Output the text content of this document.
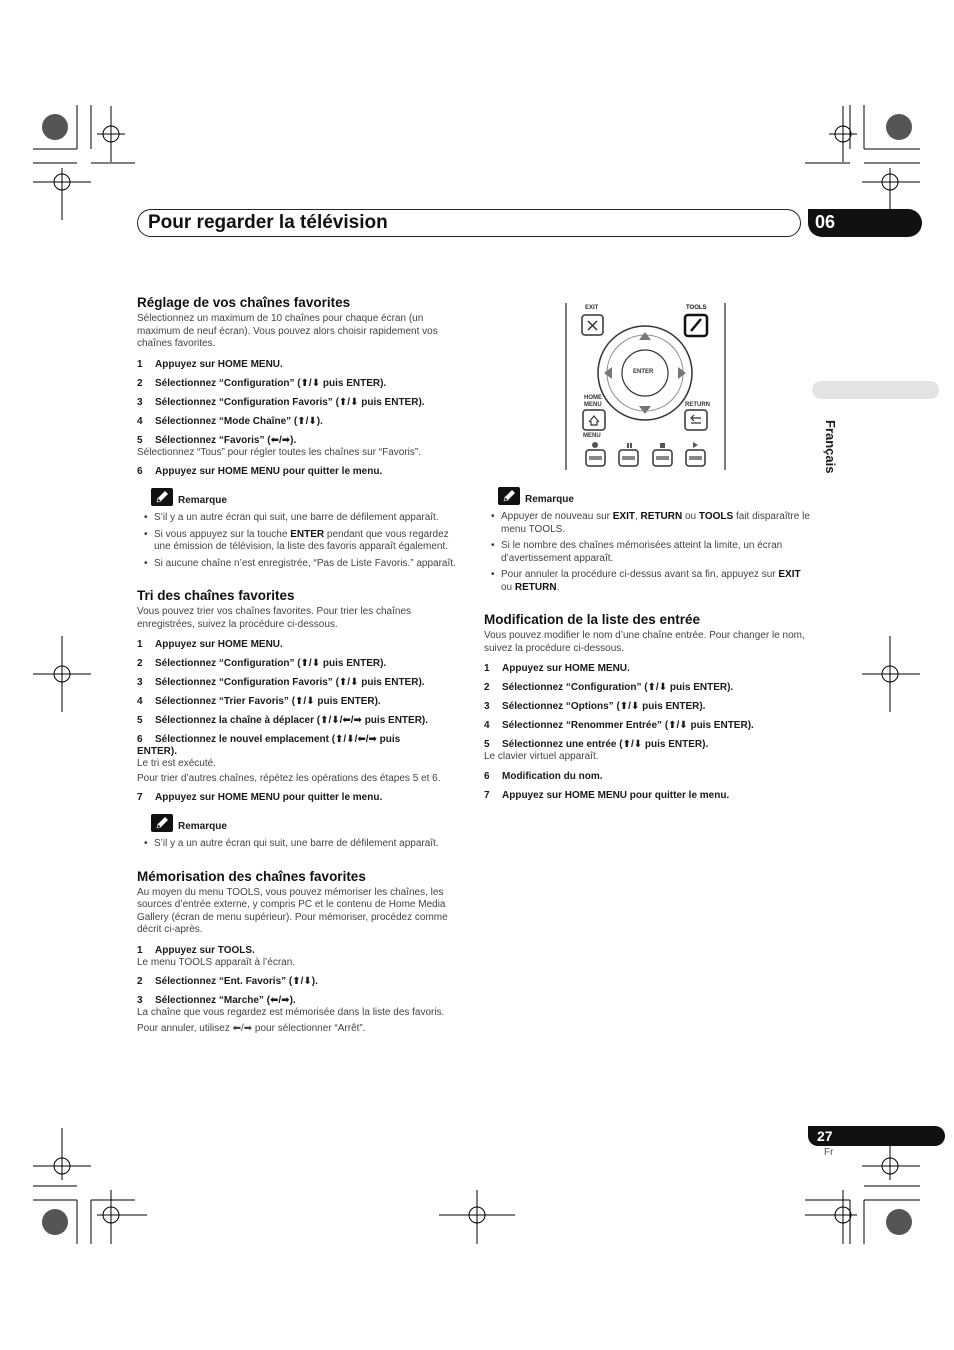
Pour regarder la télévision	06
Français
Réglage de vos chaînes favorites

Sélectionnez un maximum de 10 chaînes pour chaque écran (un maximum de neuf écran). Vous pouvez alors choisir rapidement vos chaînes favorites.

1	Appuyez sur HOME MENU.
2	Sélectionnez “Configuration” (⬆/⬇ puis ENTER).
3	Sélectionnez “Configuration Favoris” (⬆/⬇ puis ENTER).
4	Sélectionnez “Mode Chaîne” (⬆/⬇).
5	Sélectionnez “Favoris” (⬅/➡).
Sélectionnez “Tous” pour régler toutes les chaînes sur “Favoris”.
6	Appuyez sur HOME MENU pour quitter le menu.
Remarque
• S’il y a un autre écran qui suit, une barre de défilement apparaît.
• Si vous appuyez sur la touche ENTER pendant que vous regardez une émission de télévision, la liste des favoris apparaît également.
• Si aucune chaîne n’est enregistrée, “Pas de Liste Favoris.” apparaît.
Tri des chaînes favorites

Vous pouvez trier vos chaînes favorites. Pour trier les chaînes enregistrées, suivez la procédure ci-dessous.

1	Appuyez sur HOME MENU.
2	Sélectionnez “Configuration” (⬆/⬇ puis ENTER).
3	Sélectionnez “Configuration Favoris” (⬆/⬇ puis ENTER).
4	Sélectionnez “Trier Favoris” (⬆/⬇ puis ENTER).
5	Sélectionnez la chaîne à déplacer (⬆/⬇/⬅/➡ puis ENTER).
6 Sélectionnez le nouvel emplacement (⬆/⬇/⬅/➡ puis
ENTER).
Le tri est exécuté.
Pour trier d’autres chaînes, répétez les opérations des étapes 5 et 6.
7	Appuyez sur HOME MENU pour quitter le menu.
Remarque
• S’il y a un autre écran qui suit, une barre de défilement apparaît.
Mémorisation des chaînes favorites

Au moyen du menu TOOLS, vous pouvez mémoriser les chaînes, les sources d’entrée externe, y compris PC et le contenu de Home Media Gallery (écran de menu supérieur). Pour mémoriser, procédez comme décrit ci-après.

1	Appuyez sur TOOLS.
Le menu TOOLS apparaît à l’écran.
2	Sélectionnez “Ent. Favoris” (⬆/⬇).
3	Sélectionnez “Marche” (⬅/➡).
La chaîne que vous regardez est mémorisée dans la liste des favoris.
Pour annuler, utilisez ⬅/➡ pour sélectionner “Arrêt”.
EXIT	TOOLS
ENTER
HOME
MENU	RETURN
MENU
Remarque
• Appuyer de nouveau sur EXIT, RETURN ou TOOLS fait disparaître le menu TOOLS.
• Si le nombre des chaînes mémorisées atteint la limite, un écran d’avertissement apparaît.
• Pour annuler la procédure ci-dessus avant sa fin, appuyez sur EXIT ou RETURN.
Modification de la liste des entrée

Vous pouvez modifier le nom d’une chaîne entrée. Pour changer le nom, suivez la procédure ci-dessous.

1	Appuyez sur HOME MENU.
2	Sélectionnez “Configuration” (⬆/⬇ puis ENTER).
3	Sélectionnez “Options” (⬆/⬇ puis ENTER).
4	Sélectionnez “Renommer Entrée” (⬆/⬇ puis ENTER).
5	Sélectionnez une entrée (⬆/⬇ puis ENTER).
Le clavier virtuel apparaît.
6	Modification du nom.
7	Appuyez sur HOME MENU pour quitter le menu.
27
Fr
